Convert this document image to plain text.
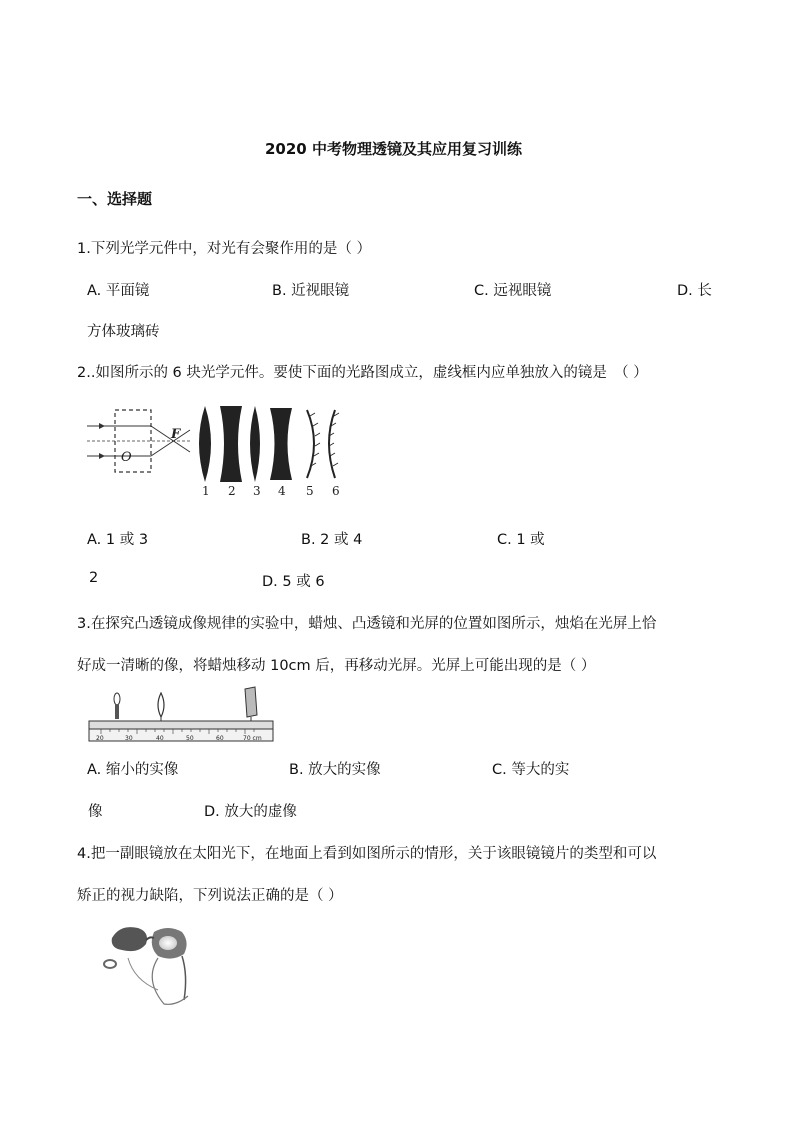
2020 中考物理透镜及其应用复习训练
一、选择题
1.下列光学元件中，对光有会聚作用的是（ ）
A. 平面镜	B. 近视眼镜	C. 远视眼镜	D. 长
方体玻璃砖
2..如图所示的 6 块光学元件。要使下面的光路图成立，虚线框内应单独放入的镜是　（ ）
O
F
1 2 3 4 5 6
A. 1 或 3	B. 2 或 4	C. 1 或
2	D. 5 或 6
3.在探究凸透镜成像规律的实验中，蜡烛、凸透镜和光屏的位置如图所示，烛焰在光屏上恰
好成一清晰的像，将蜡烛移动 10cm 后，再移动光屏。光屏上可能出现的是（ ）
20	30	40	50	60	70 cm
A. 缩小的实像	B. 放大的实像	C. 等大的实
像	D. 放大的虚像
4.把一副眼镜放在太阳光下，在地面上看到如图所示的情形，关于该眼镜镜片的类型和可以
矫正的视力缺陷，下列说法正确的是（ ）
